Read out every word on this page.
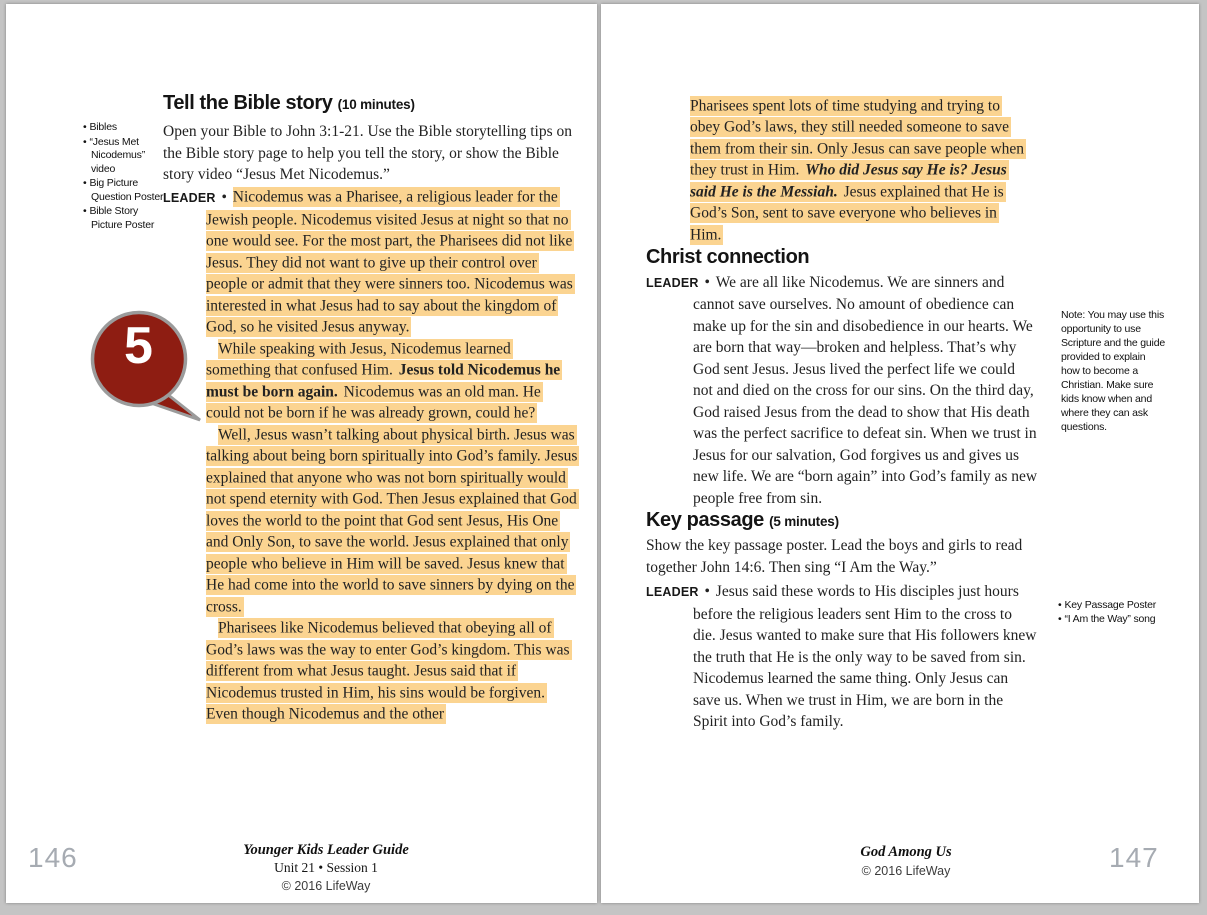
• Bibles
• “Jesus Met Nicodemus” video
• Big Picture Question Poster
• Bible Story Picture Poster
Tell the Bible story (10 minutes)

Open your Bible to John 3:1-21. Use the Bible storytelling tips on the Bible story page to help you tell the story, or show the Bible story video “Jesus Met Nicodemus.”

LEADER • Nicodemus was a Pharisee, a religious leader for the Jewish people. Nicodemus visited Jesus at night so that no one would see. For the most part, the Pharisees did not like Jesus. They did not want to give up their control over people or admit that they were sinners too. Nicodemus was interested in what Jesus had to say about the kingdom of God, so he visited Jesus anyway.

While speaking with Jesus, Nicodemus learned something that confused Him. Jesus told Nicodemus he must be born again. Nicodemus was an old man. He could not be born if he was already grown, could he?

Well, Jesus wasn’t talking about physical birth. Jesus was talking about being born spiritually into God’s family. Jesus explained that anyone who was not born spiritually would not spend eternity with God. Then Jesus explained that God loves the world to the point that God sent Jesus, His One and Only Son, to save the world. Jesus explained that only people who believe in Him will be saved. Jesus knew that He had come into the world to save sinners by dying on the cross.

Pharisees like Nicodemus believed that obeying all of God’s laws was the way to enter God’s kingdom. This was different from what Jesus taught. Jesus said that if Nicodemus trusted in Him, his sins would be forgiven. Even though Nicodemus and the other

5
146	Younger Kids Leader Guide
Unit 21 • Session 1
© 2016 LifeWay

Pharisees spent lots of time studying and trying to obey God’s laws, they still needed someone to save them from their sin. Only Jesus can save people when they trust in Him. Who did Jesus say He is? Jesus said He is the Messiah. Jesus explained that He is God’s Son, sent to save everyone who believes in Him.

Christ connection

LEADER • We are all like Nicodemus. We are sinners and cannot save ourselves. No amount of obedience can make up for the sin and disobedience in our hearts. We are born that way—broken and helpless. That’s why God sent Jesus. Jesus lived the perfect life we could not and died on the cross for our sins. On the third day, God raised Jesus from the dead to show that His death was the perfect sacrifice to defeat sin. When we trust in Jesus for our salvation, God forgives us and gives us new life. We are “born again” into God’s family as new people free from sin.

Key passage (5 minutes)

Show the key passage poster. Lead the boys and girls to read together John 14:6. Then sing “I Am the Way.”

LEADER • Jesus said these words to His disciples just hours before the religious leaders sent Him to the cross to die. Jesus wanted to make sure that His followers knew the truth that He is the only way to be saved from sin. Nicodemus learned the same thing. Only Jesus can save us. When we trust in Him, we are born in the Spirit into God’s family.

Note: You may use this opportunity to use Scripture and the guide provided to explain how to become a Christian. Make sure kids know when and where they can ask questions.
• Key Passage Poster
• “I Am the Way” song
God Among Us
© 2016 LifeWay	147
